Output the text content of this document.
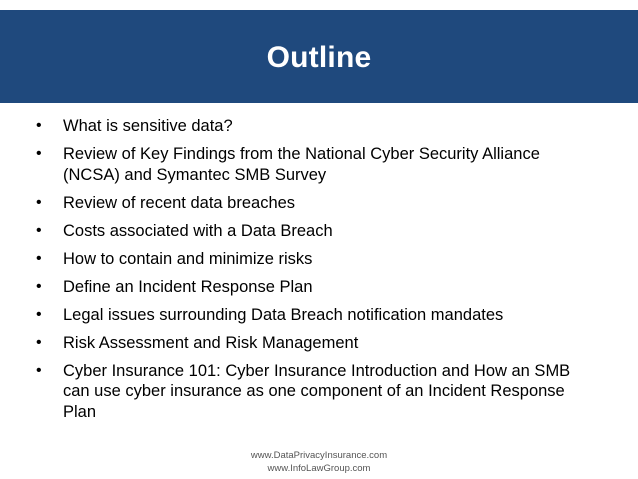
Outline
• What is sensitive data?
• Review of Key Findings from the National Cyber Security Alliance (NCSA) and Symantec SMB Survey
• Review of recent data breaches
• Costs associated with a Data Breach
• How to contain and minimize risks
• Define an Incident Response Plan
• Legal issues surrounding Data Breach notification mandates
• Risk Assessment and Risk Management
• Cyber Insurance 101: Cyber Insurance Introduction and How an SMB can use cyber insurance as one component of an Incident Response Plan
www.DataPrivacyInsurance.com
www.InfoLawGroup.com
